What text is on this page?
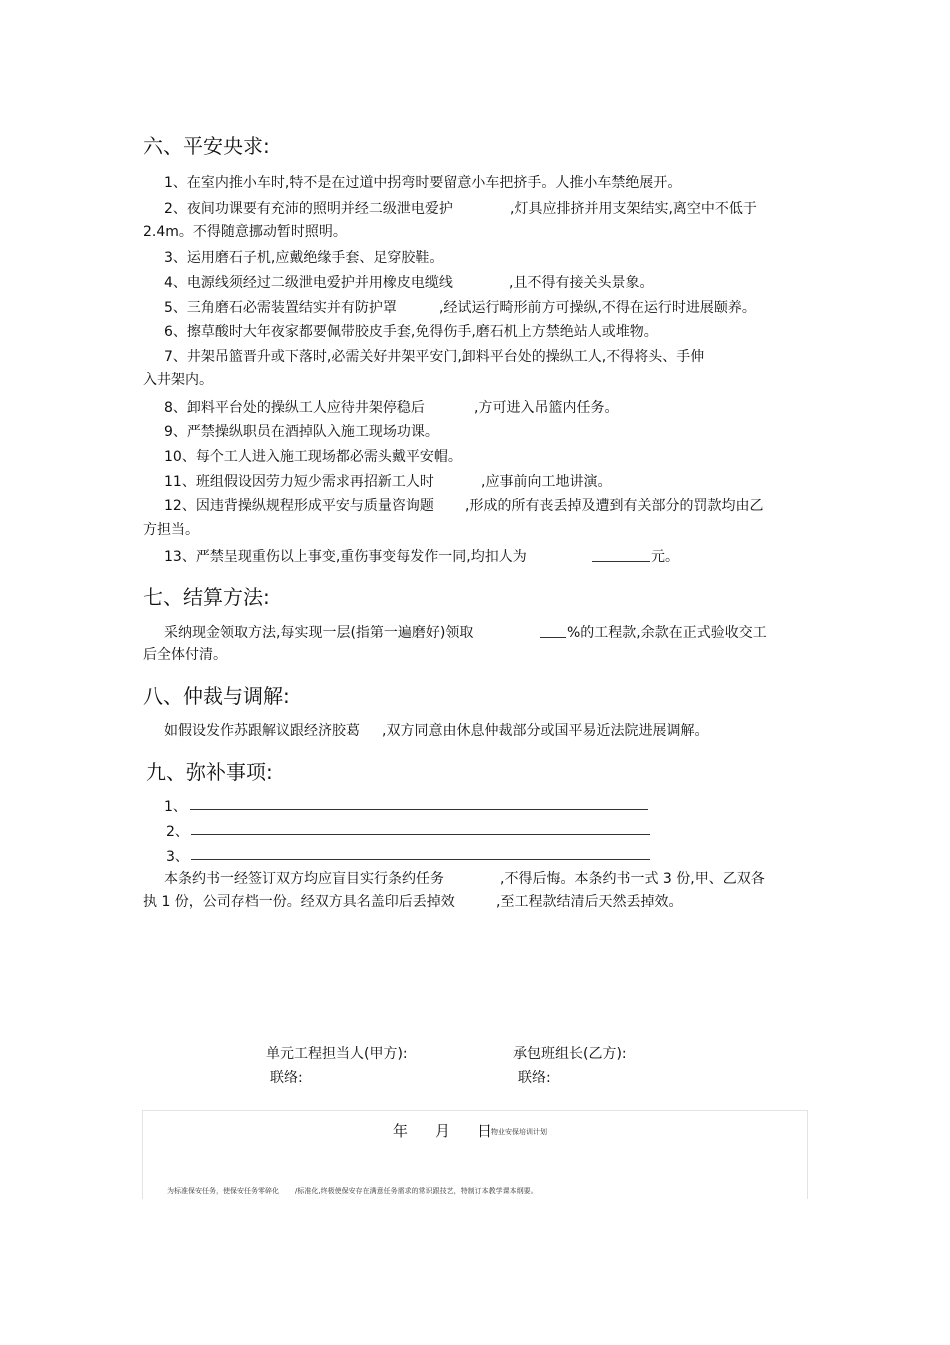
六、平安央求:
1、在室内推小车时,特不是在过道中拐弯时要留意小车把挤手。人推小车禁绝展开。
2、夜间功课要有充沛的照明并经二级泄电爱护	,灯具应排挤并用支架结实,离空中不低于
2.4m。不得随意挪动暂时照明。
3、运用磨石子机,应戴绝缘手套、足穿胶鞋。
4、电源线须经过二级泄电爱护并用橡皮电缆线	,且不得有接关头景象。
5、三角磨石必需装置结实并有防护罩	,经试运行畸形前方可操纵,不得在运行时进展颐养。
6、擦草酸时大年夜家都要佩带胶皮手套,免得伤手,磨石机上方禁绝站人或堆物。
7、井架吊篮晋升或下落时,必需关好井架平安门,卸料平台处的操纵工人,不得将头、手伸
入井架内。
8、卸料平台处的操纵工人应待井架停稳后	,方可进入吊篮内任务。
9、严禁操纵职员在酒掉队入施工现场功课。
10、每个工人进入施工现场都必需头戴平安帽。
11、班组假设因劳力短少需求再招新工人时	,应事前向工地讲演。
12、因违背操纵规程形成平安与质量咨询题 ,形成的所有丧丢掉及遭到有关部分的罚款均由乙
方担当。
13、严禁呈现重伤以上事变,重伤事变每发作一同,均扣人为	元。
七、结算方法:
采纳现金领取方法,每实现一层(指第一遍磨好)领取	%的工程款,余款在正式验收交工
后全体付清。
八、仲裁与调解:
如假设发作苏跟解议跟经济胶葛 ,双方同意由休息仲裁部分或国平易近法院进展调解。
九、弥补事项:
1、
2、
3、
本条约书一经签订双方均应盲目实行条约任务	,不得后悔。本条约书一式 3 份,甲、乙双各
执 1 份，公司存档一份。经双方具名盖印后丢掉效	,至工程款结清后天然丢掉效。
单元工程担当人(甲方):	承包班组长(乙方):
联络:	联络:
年 月 日
物业安保培训计划
为标准保安任务，使保安任务零碎化 /标准化,终极使保安存在满意任务需求的常识跟技艺，特制订本教学课本纲要。
